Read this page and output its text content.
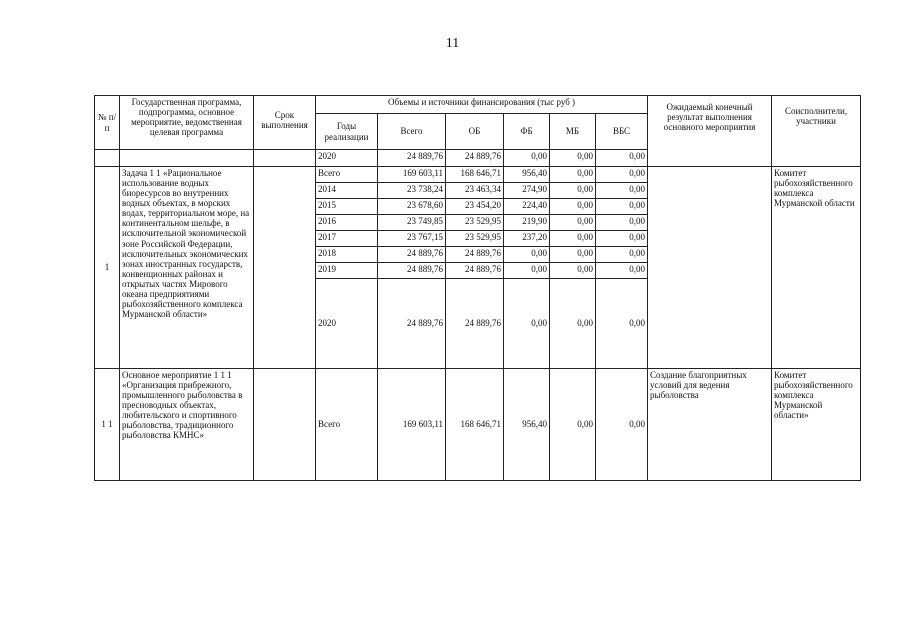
11
№ п/п	Государственная программа, подпрограмма, основное мероприятие, ведомственная целевая программа	Срок выполнения	Объемы и источники финансирования (тыс руб )						Ожидаемый конечный результат выполнения основного мероприятия	Соисполнители, участники
			Годы реализации	Всего	ОБ	ФБ	МБ	ВБС		
			2020	24 889,76	24 889,76	0,00	0,00	0,00		
1	Задача 1 1 «Рациональное использование водных биоресурсов во внутренних водных объектах, в морских водах, территориальном море, на континентальном шельфе, в исключительной экономической зоне Российской Федерации, исключительных экономических зонах иностранных государств, конвенционных районах и открытых частях Мирового океана предприятиями рыбохозяйственного комплекса Мурманской области»		Всего	169 603,11	168 646,71	956,40	0,00	0,00		Комитет рыбохозяйственного комплекса Мурманской области
			2014	23 738,24	23 463,34	274,90	0,00	0,00		
			2015	23 678,60	23 454,20	224,40	0,00	0,00		
			2016	23 749,85	23 529,95	219,90	0,00	0,00		
			2017	23 767,15	23 529,95	237,20	0,00	0,00		
			2018	24 889,76	24 889,76	0,00	0,00	0,00		
			2019	24 889,76	24 889,76	0,00	0,00	0,00		
			2020	24 889,76	24 889,76	0,00	0,00	0,00		
1 1	Основное мероприятие 1 1 1 «Организация прибрежного, промышленного рыболовства в пресноводных объектах, любительского и спортивного рыболовства, традиционного рыболовства КМНС»		Всего	169 603,11	168 646,71	956,40	0,00	0,00	Создание благоприятных условий для ведения рыболовства	Комитет рыбохозяйственного комплекса Мурманской области»
